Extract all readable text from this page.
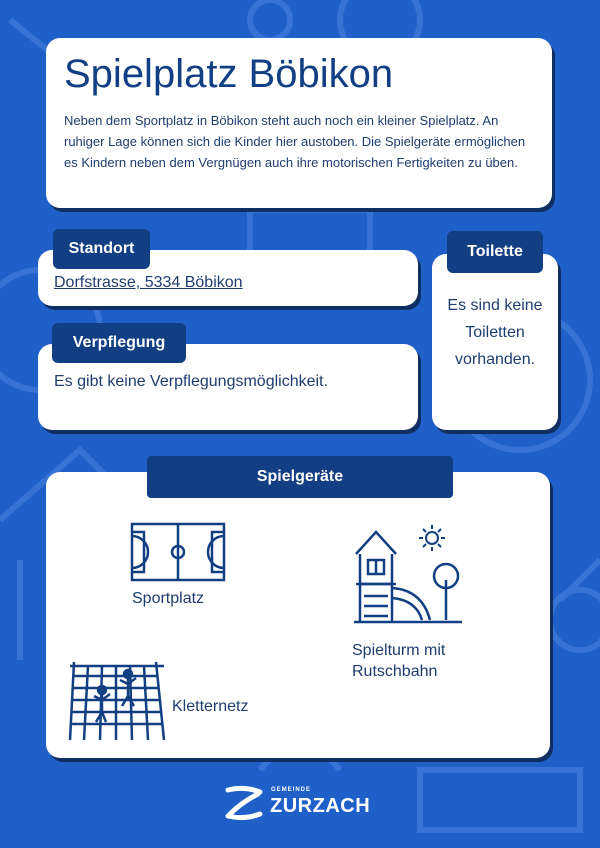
Spielplatz Böbikon

Neben dem Sportplatz in Böbikon steht auch noch ein kleiner Spielplatz. An ruhiger Lage können sich die Kinder hier austoben. Die Spielgeräte ermöglichen es Kindern neben dem Vergnügen auch ihre motorischen Fertigkeiten zu üben.

Dorfstrasse, 5334 Böbikon
Standort

Es gibt keine Verpflegungsmöglichkeit.

Verpflegung

Es sind keine Toiletten vorhanden.

Toilette
Sportplatz
Spielturm mit Rutschbahn
Kletternetz
Spielgeräte
GEMEINDE
ZURZACH
